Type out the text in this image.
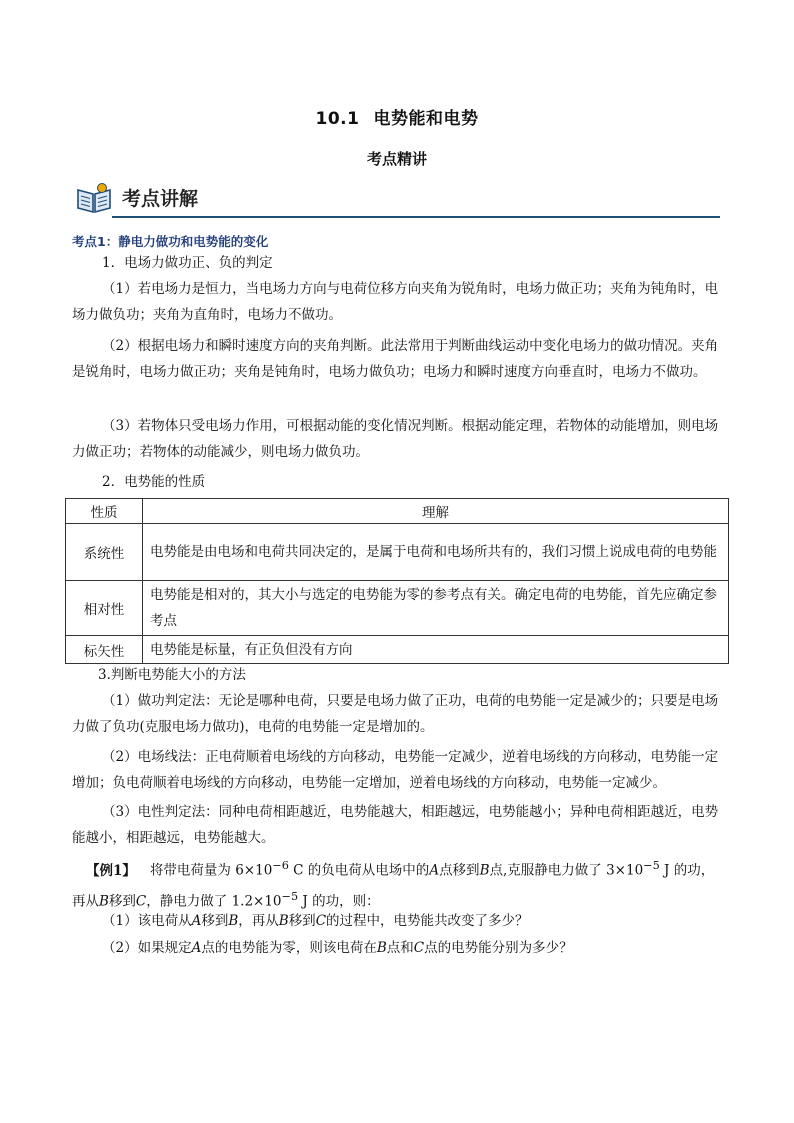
10.1 电势能和电势
考点精讲
考点讲解
考点1：静电力做功和电势能的变化
1．电场力做功正、负的判定
（1）若电场力是恒力，当电场力方向与电荷位移方向夹角为锐角时，电场力做正功；夹角为钝角时，电场力做负功；夹角为直角时，电场力不做功。
（2）根据电场力和瞬时速度方向的夹角判断。此法常用于判断曲线运动中变化电场力的做功情况。夹角是锐角时，电场力做正功；夹角是钝角时，电场力做负功；电场力和瞬时速度方向垂直时，电场力不做功。
（3）若物体只受电场力作用，可根据动能的变化情况判断。根据动能定理，若物体的动能增加，则电场力做正功；若物体的动能减少，则电场力做负功。
2．电势能的性质
性质	理解
系统性	电势能是由电场和电荷共同决定的，是属于电荷和电场所共有的，我们习惯上说成电荷的电势能
相对性	电势能是相对的，其大小与选定的电势能为零的参考点有关。确定电荷的电势能，首先应确定参考点
标矢性	电势能是标量，有正负但没有方向
3.判断电势能大小的方法
（1）做功判定法：无论是哪种电荷，只要是电场力做了正功，电荷的电势能一定是减少的；只要是电场力做了负功(克服电场力做功)，电荷的电势能一定是增加的。
（2）电场线法：正电荷顺着电场线的方向移动，电势能一定减少，逆着电场线的方向移动，电势能一定增加；负电荷顺着电场线的方向移动，电势能一定增加，逆着电场线的方向移动，电势能一定减少。
（3）电性判定法：同种电荷相距越近，电势能越大，相距越远，电势能越小；异种电荷相距越近，电势能越小，相距越远，电势能越大。
【例1】 将带电荷量为 $6\times 10^{-6}$ C 的负电荷从电场中的A点移到B点,克服静电力做了 $3\times 10^{-5}$ J 的功，再从B移到C，静电力做了 $1.2\times 10^{-5}$ J 的功，则：
（1）该电荷从A移到B，再从B移到C的过程中，电势能共改变了多少？
（2）如果规定A点的电势能为零，则该电荷在B点和C点的电势能分别为多少？
